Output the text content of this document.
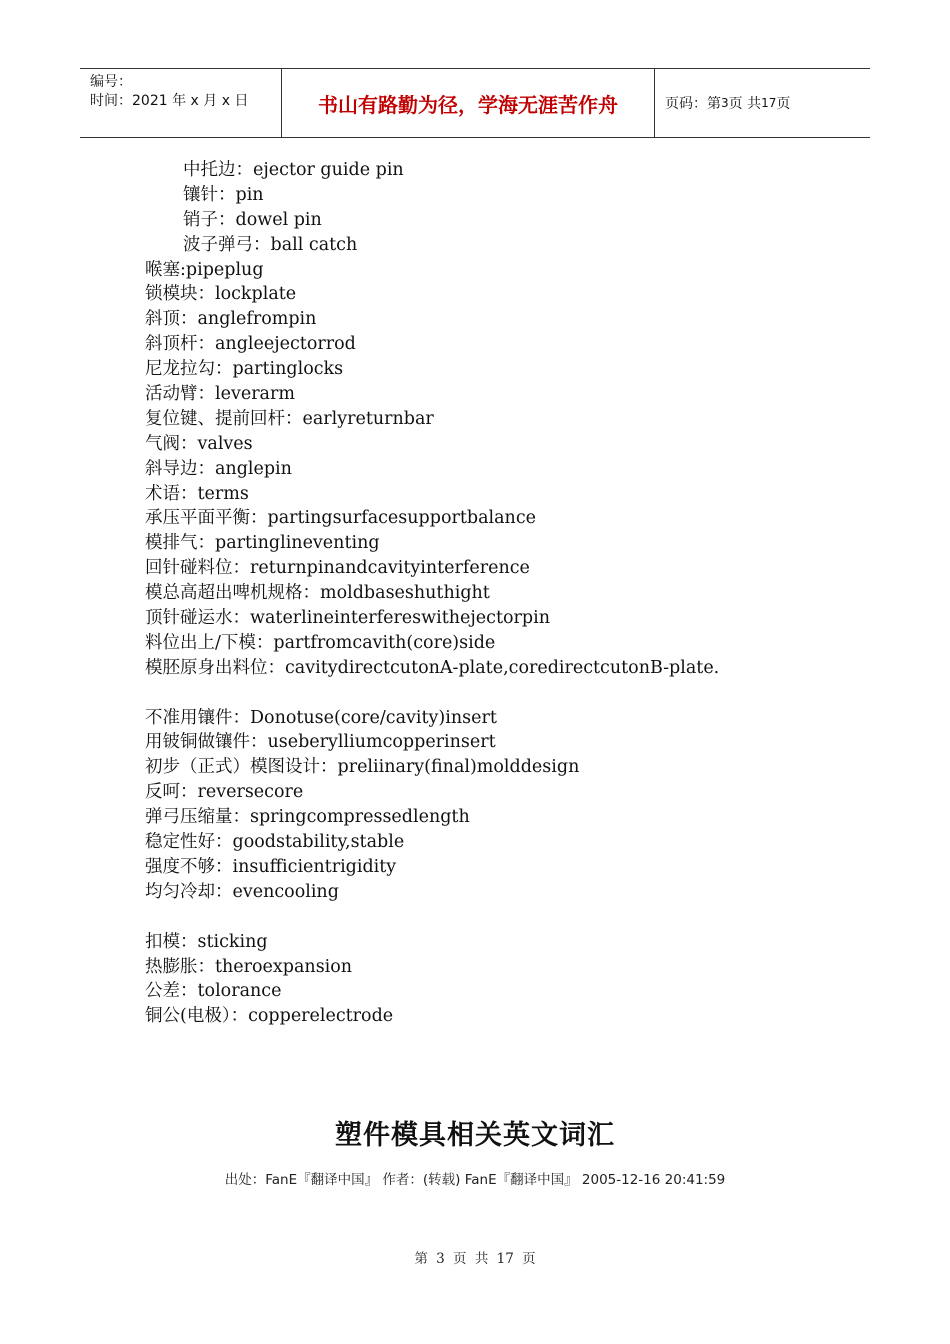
编号：
时间：2021 年 x 月 x 日	书山有路勤为径，学海无涯苦作舟	页码：第 3 页 共 17 页
中托边：ejector guide pin
镶针：pin
销子：dowel pin
波子弹弓：ball catch
喉塞:pipeplug
锁模块：lockplate
斜顶：anglefrompin
斜顶杆：angleejectorrod
尼龙拉勾：partinglocks
活动臂：leverarm
复位键、提前回杆：earlyreturnbar
气阀：valves
斜导边：anglepin
术语：terms
承压平面平衡：partingsurfacesupportbalance
模排气：partinglineventing
回针碰料位：returnpinandcavityinterference
模总高超出啤机规格：moldbaseshuthight
顶针碰运水：waterlineinterfereswithejectorpin
料位出上/下模：partfromcavith(core)side
模胚原身出料位：cavitydirectcutonA-plate,coredirectcutonB-plate.
不准用镶件：Donotuse(core/cavity)insert
用铍铜做镶件：useberylliumcopperinsert
初步（正式）模图设计：preliinary(final)molddesign
反呵：reversecore
弹弓压缩量：springcompressedlength
稳定性好：goodstability,stable
强度不够：insufficientrigidity
均匀冷却：evencooling
扣模：sticking
热膨胀：theroexpansion
公差：tolorance
铜公(电极）：copperelectrode
塑件模具相关英文词汇
出处：FanE『翻译中国』 作者：(转载) FanE『翻译中国』 2005-12-16 20:41:59
第 3 页 共 17 页
